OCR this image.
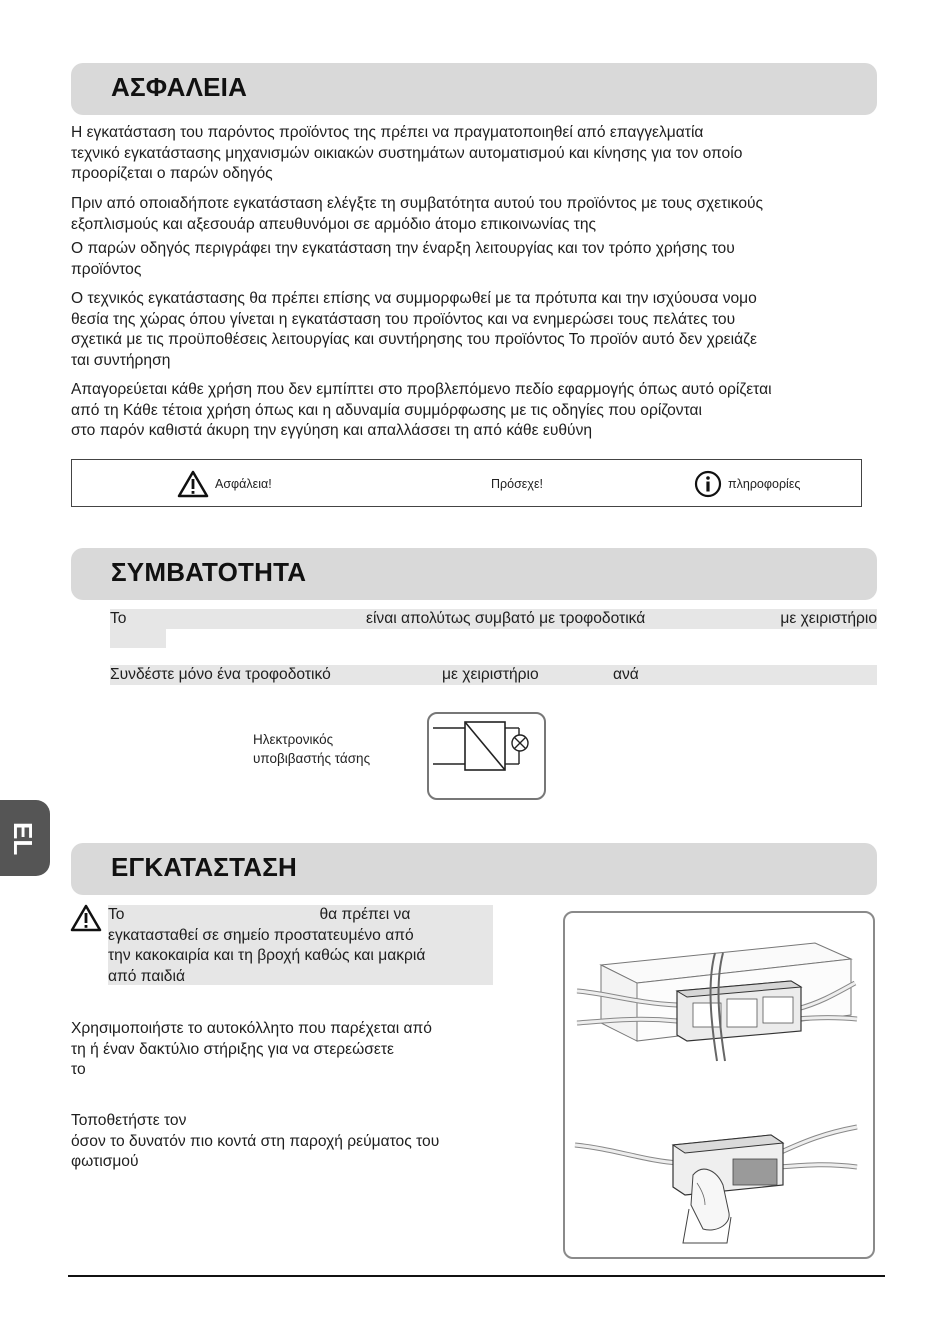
EL
ΑΣΦΑΛΕΙΑ

Η εγκατάσταση του παρόντος προϊόντος της πρέπει να πραγματοποιηθεί από επαγγελματία
τεχνικό εγκατάστασης μηχανισμών οικιακών συστημάτων αυτοματισμού και κίνησης για τον οποίο
προορίζεται ο παρών οδηγός

Πριν από οποιαδήποτε εγκατάσταση ελέγξτε τη συμβατότητα αυτού του προϊόντος με τους σχετικούς
εξοπλισμούς και αξεσουάρ απευθυνόμοι σε αρμόδιο άτομο επικοινωνίας της

Ο παρών οδηγός περιγράφει την εγκατάσταση την έναρξη λειτουργίας και τον τρόπο χρήσης του
προϊόντος

Ο τεχνικός εγκατάστασης θα πρέπει επίσης να συμμορφωθεί με τα πρότυπα και την ισχύουσα νομο
θεσία της χώρας όπου γίνεται η εγκατάσταση του προϊόντος και να ενημερώσει τους πελάτες του
σχετικά με τις προϋποθέσεις λειτουργίας και συντήρησης του προϊόντος Το προϊόν αυτό δεν χρειάζε
ται συντήρηση

Απαγορεύεται κάθε χρήση που δεν εμπίπτει στο προβλεπόμενο πεδίο εφαρμογής όπως αυτό ορίζεται
από τη Κάθε τέτοια χρήση όπως και η αδυναμία συμμόρφωσης με τις οδηγίες που ορίζονται
στο παρόν καθιστά άκυρη την εγγύηση και απαλλάσσει τη από κάθε ευθύνη

Ασφάλεια!	Πρόσεχε!	πληροφορίες
ΣΥΜΒΑΤΟΤΗΤΑ
Το	είναι απολύτως συμβατό με τροφοδοτικά	με χειριστήριο
Συνδέστε μόνο ένα τροφοδοτικό	με χειριστήριο	ανά
Ηλεκτρονικός
υποβιβαστής τάσης
ΕΓΚΑΤΑΣΤΑΣΗ

Το                                             θα πρέπει να
εγκατασταθεί σε σημείο προστατευμένο από
την κακοκαιρία και τη βροχή καθώς και μακριά
από παιδιά

Χρησιμοποιήστε το αυτοκόλλητο που παρέχεται από
τη ή έναν δακτύλιο στήριξης για να στερεώσετε
το

Τοποθετήστε τον
όσον το δυνατόν πιο κοντά στη παροχή ρεύματος του
φωτισμού
